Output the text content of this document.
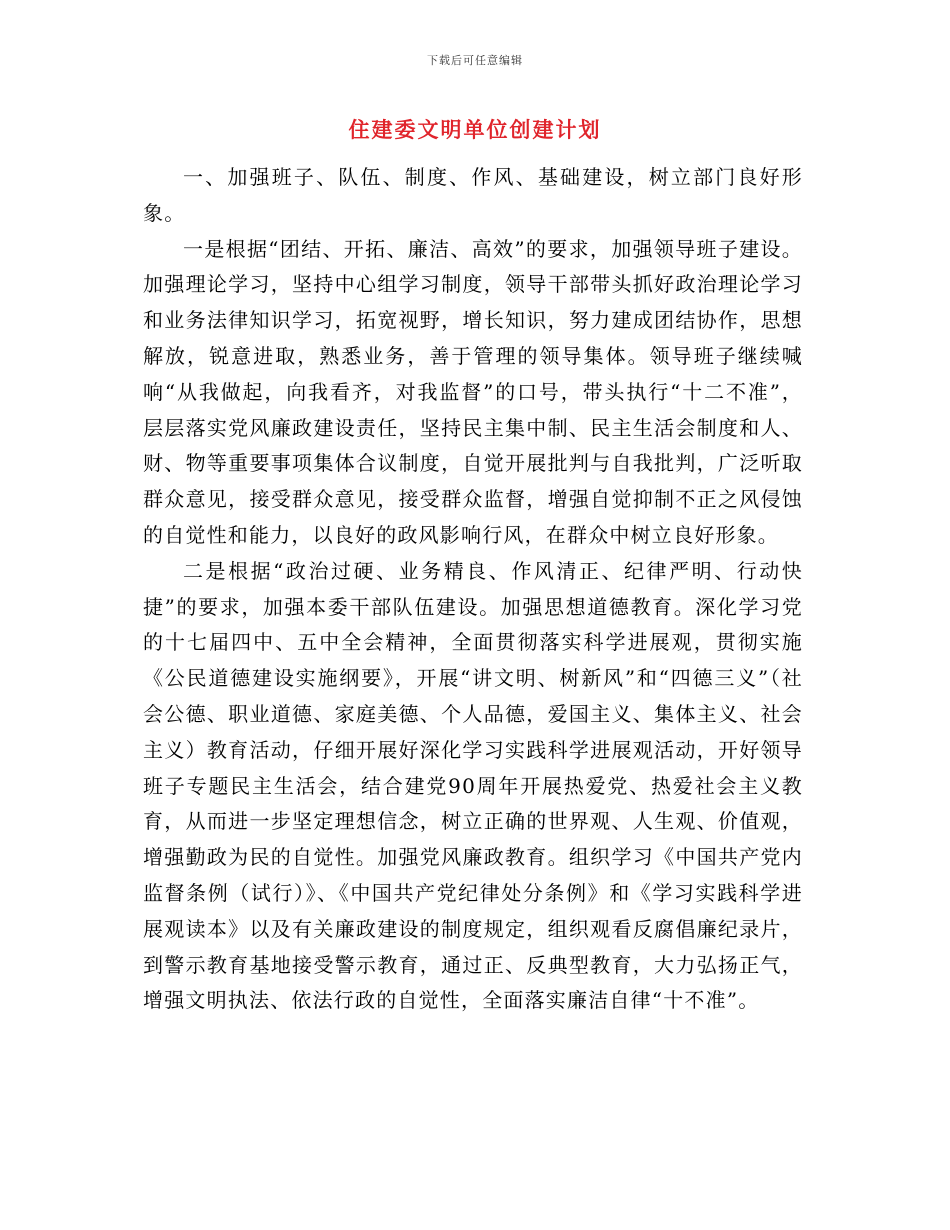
下载后可任意编辑
住建委文明单位创建计划

一、加强班子、队伍、制度、作风、基础建设，树立部门良好形象。

一是根据“团结、开拓、廉洁、高效”的要求，加强领导班子建设。加强理论学习，坚持中心组学习制度，领导干部带头抓好政治理论学习和业务法律知识学习，拓宽视野，增长知识，努力建成团结协作，思想解放，锐意进取，熟悉业务，善于管理的领导集体。领导班子继续喊响“从我做起，向我看齐，对我监督”的口号，带头执行“十二不准”，层层落实党风廉政建设责任，坚持民主集中制、民主生活会制度和人、财、物等重要事项集体合议制度，自觉开展批判与自我批判，广泛听取群众意见，接受群众意见，接受群众监督，增强自觉抑制不正之风侵蚀的自觉性和能力，以良好的政风影响行风，在群众中树立良好形象。

二是根据“政治过硬、业务精良、作风清正、纪律严明、行动快捷”的要求，加强本委干部队伍建设。加强思想道德教育。深化学习党的十七届四中、五中全会精神，全面贯彻落实科学进展观，贯彻实施《公民道德建设实施纲要》，开展“讲文明、树新风”和“四德三义”（社会公德、职业道德、家庭美德、个人品德，爱国主义、集体主义、社会主义）教育活动，仔细开展好深化学习实践科学进展观活动，开好领导班子专题民主生活会，结合建党90周年开展热爱党、热爱社会主义教育，从而进一步坚定理想信念，树立正确的世界观、人生观、价值观，增强勤政为民的自觉性。加强党风廉政教育。组织学习《中国共产党内监督条例（试行）》、《中国共产党纪律处分条例》和《学习实践科学进展观读本》以及有关廉政建设的制度规定，组织观看反腐倡廉纪录片，到警示教育基地接受警示教育，通过正、反典型教育，大力弘扬正气，增强文明执法、依法行政的自觉性，全面落实廉洁自律“十不准”。
